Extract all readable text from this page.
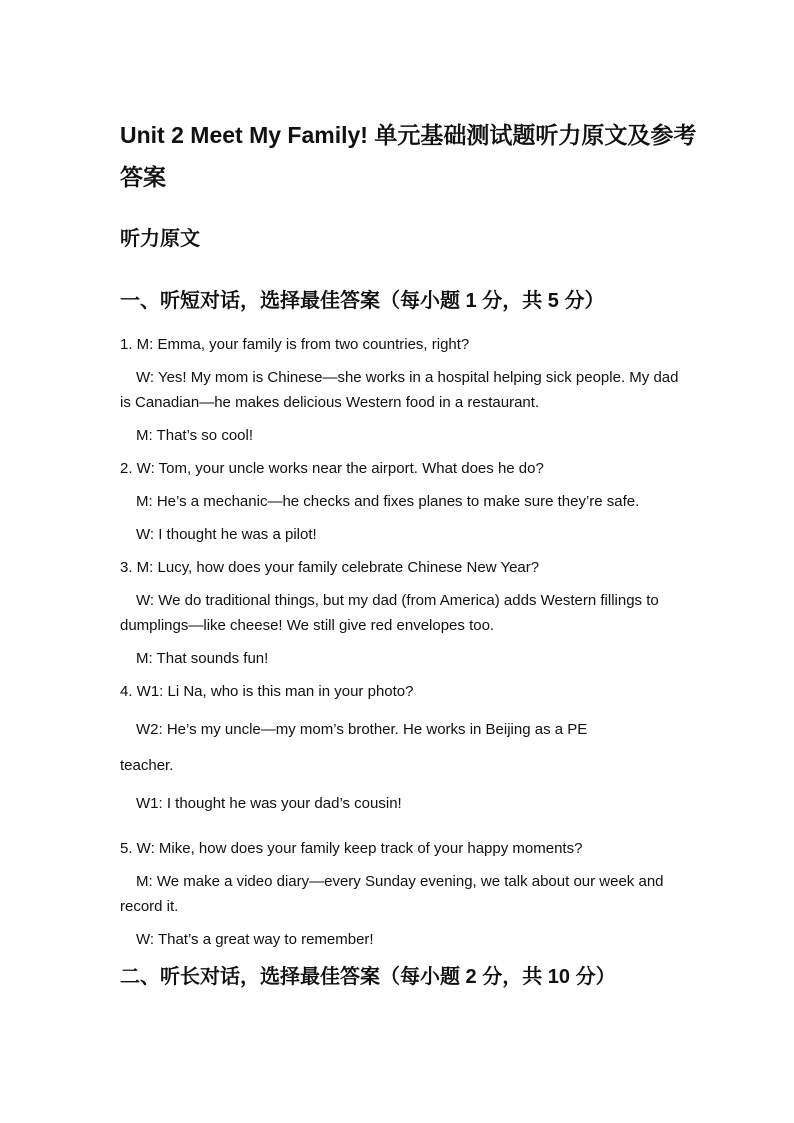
Unit 2 Meet My Family! 单元基础测试题听力原文及参考答案
听力原文
一、听短对话，选择最佳答案（每小题 1 分，共 5 分）

1. M: Emma, your family is from two countries, right?

W: Yes! My mom is Chinese—she works in a hospital helping sick people. My dad is Canadian—he makes delicious Western food in a restaurant.

M: That’s so cool!

2. W: Tom, your uncle works near the airport. What does he do?

M: He’s a mechanic—he checks and fixes planes to make sure they’re safe.

W: I thought he was a pilot!

3. M: Lucy, how does your family celebrate Chinese New Year?

W: We do traditional things, but my dad (from America) adds Western fillings to dumplings—like cheese! We still give red envelopes too.

M: That sounds fun!

4. W1: Li Na, who is this man in your photo?

W2: He’s my uncle—my mom’s brother. He works in Beijing as a PE

teacher.

W1: I thought he was your dad’s cousin!

5. W: Mike, how does your family keep track of your happy moments?

M: We make a video diary—every Sunday evening, we talk about our week and record it.

W: That’s a great way to remember!

二、听长对话，选择最佳答案（每小题 2 分，共 10 分）
